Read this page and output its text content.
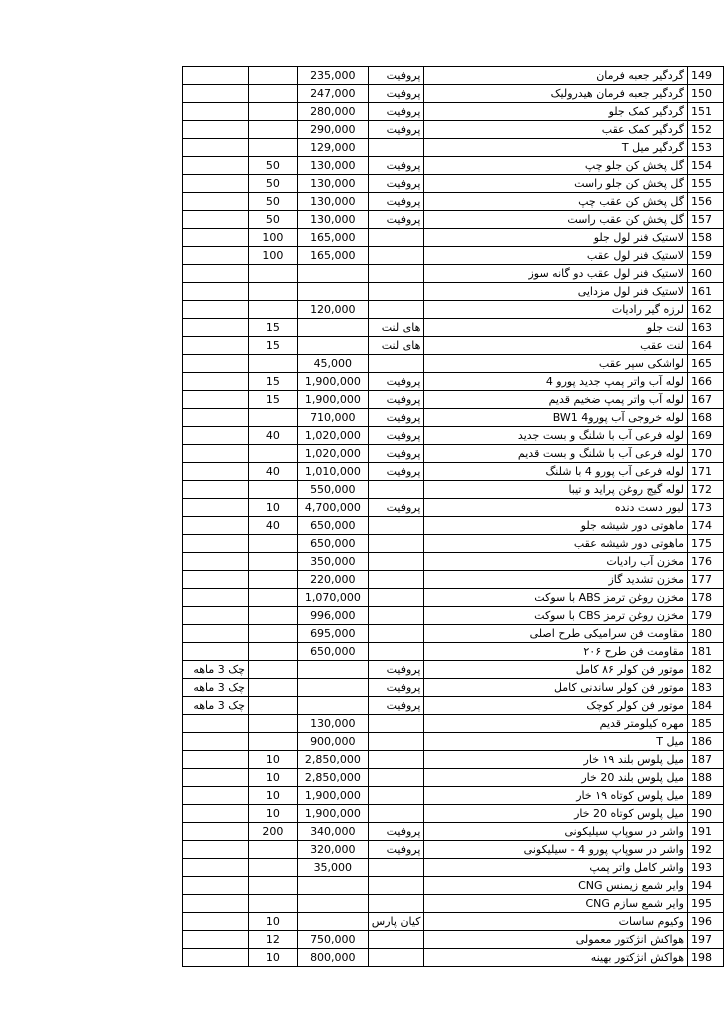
		235,000	پروفیت	گردگیر جعبه فرمان	149
		247,000	پروفیت	گردگیر جعبه فرمان هیدرولیک	150
		280,000	پروفیت	گردگیر کمک جلو	151
		290,000	پروفیت	گردگیر کمک عقب	152
		129,000		گردگیر میل T	153
	50	130,000	پروفیت	گل پخش کن جلو چپ	154
	50	130,000	پروفیت	گل پخش کن جلو راست	155
	50	130,000	پروفیت	گل پخش کن عقب چپ	156
	50	130,000	پروفیت	گل پخش کن عقب راست	157
	100	165,000		لاستیک فنر لول جلو	158
	100	165,000		لاستیک فنر لول عقب	159
				لاستیک فنر لول عقب دو گانه سوز	160
				لاستیک فنر لول مزدایی	161
		120,000		لرزه گیر رادیات	162
	15		های لنت	لنت جلو	163
	15		های لنت	لنت عقب	164
		45,000		لواشکی سپر عقب	165
	15	1,900,000	پروفیت	لوله آب واتر پمپ جدید پورو 4	166
	15	1,900,000	پروفیت	لوله آب واتر پمپ ضخیم قدیم	167
		710,000	پروفیت	لوله خروجی آب پورو4 BW1	168
	40	1,020,000	پروفیت	لوله فرعی آب با شلنگ و بست جدید	169
		1,020,000	پروفیت	لوله فرعی آب با شلنگ و بست قدیم	170
	40	1,010,000	پروفیت	لوله فرعی آب پورو 4 با شلنگ	171
		550,000		لوله گیج روغن پراید و تیبا	172
	10	4,700,000	پروفیت	لیور دست دنده	173
	40	650,000		ماهوتی دور شیشه جلو	174
		650,000		ماهوتی دور شیشه عقب	175
		350,000		مخزن آب رادیات	176
		220,000		مخزن تشدید گاز	177
		1,070,000		مخزن روغن ترمز ABS با سوکت	178
		996,000		مخزن روغن ترمز CBS با سوکت	179
		695,000		مقاومت فن سرامیکی طرح اصلی	180
		650,000		مقاومت فن طرح ۲۰۶	181
چک 3 ماهه			پروفیت	موتور فن کولر ۸۶ کامل	182
چک 3 ماهه			پروفیت	موتور فن کولر ساندنی کامل	183
چک 3 ماهه			پروفیت	موتور فن کولر کوچک	184
		130,000		مهره کیلومتر قدیم	185
		900,000		میل T	186
	10	2,850,000		میل پلوس بلند ۱۹ خار	187
	10	2,850,000		میل پلوس بلند 20 خار	188
	10	1,900,000		میل پلوس کوتاه ۱۹ خار	189
	10	1,900,000		میل پلوس کوتاه 20 خار	190
	200	340,000	پروفیت	واشر در سوپاپ سیلیکونی	191
		320,000	پروفیت	واشر در سوپاپ پورو 4 - سیلیکونی	192
		35,000		واشر کامل واتر پمپ	193
				وایر شمع زیمنس CNG	194
				وایر شمع سازم CNG	195
	10		کیان پارس	وکیوم ساسات	196
	12	750,000		هواکش انژکتور معمولی	197
	10	800,000		هواکش انژکتور بهینه	198
